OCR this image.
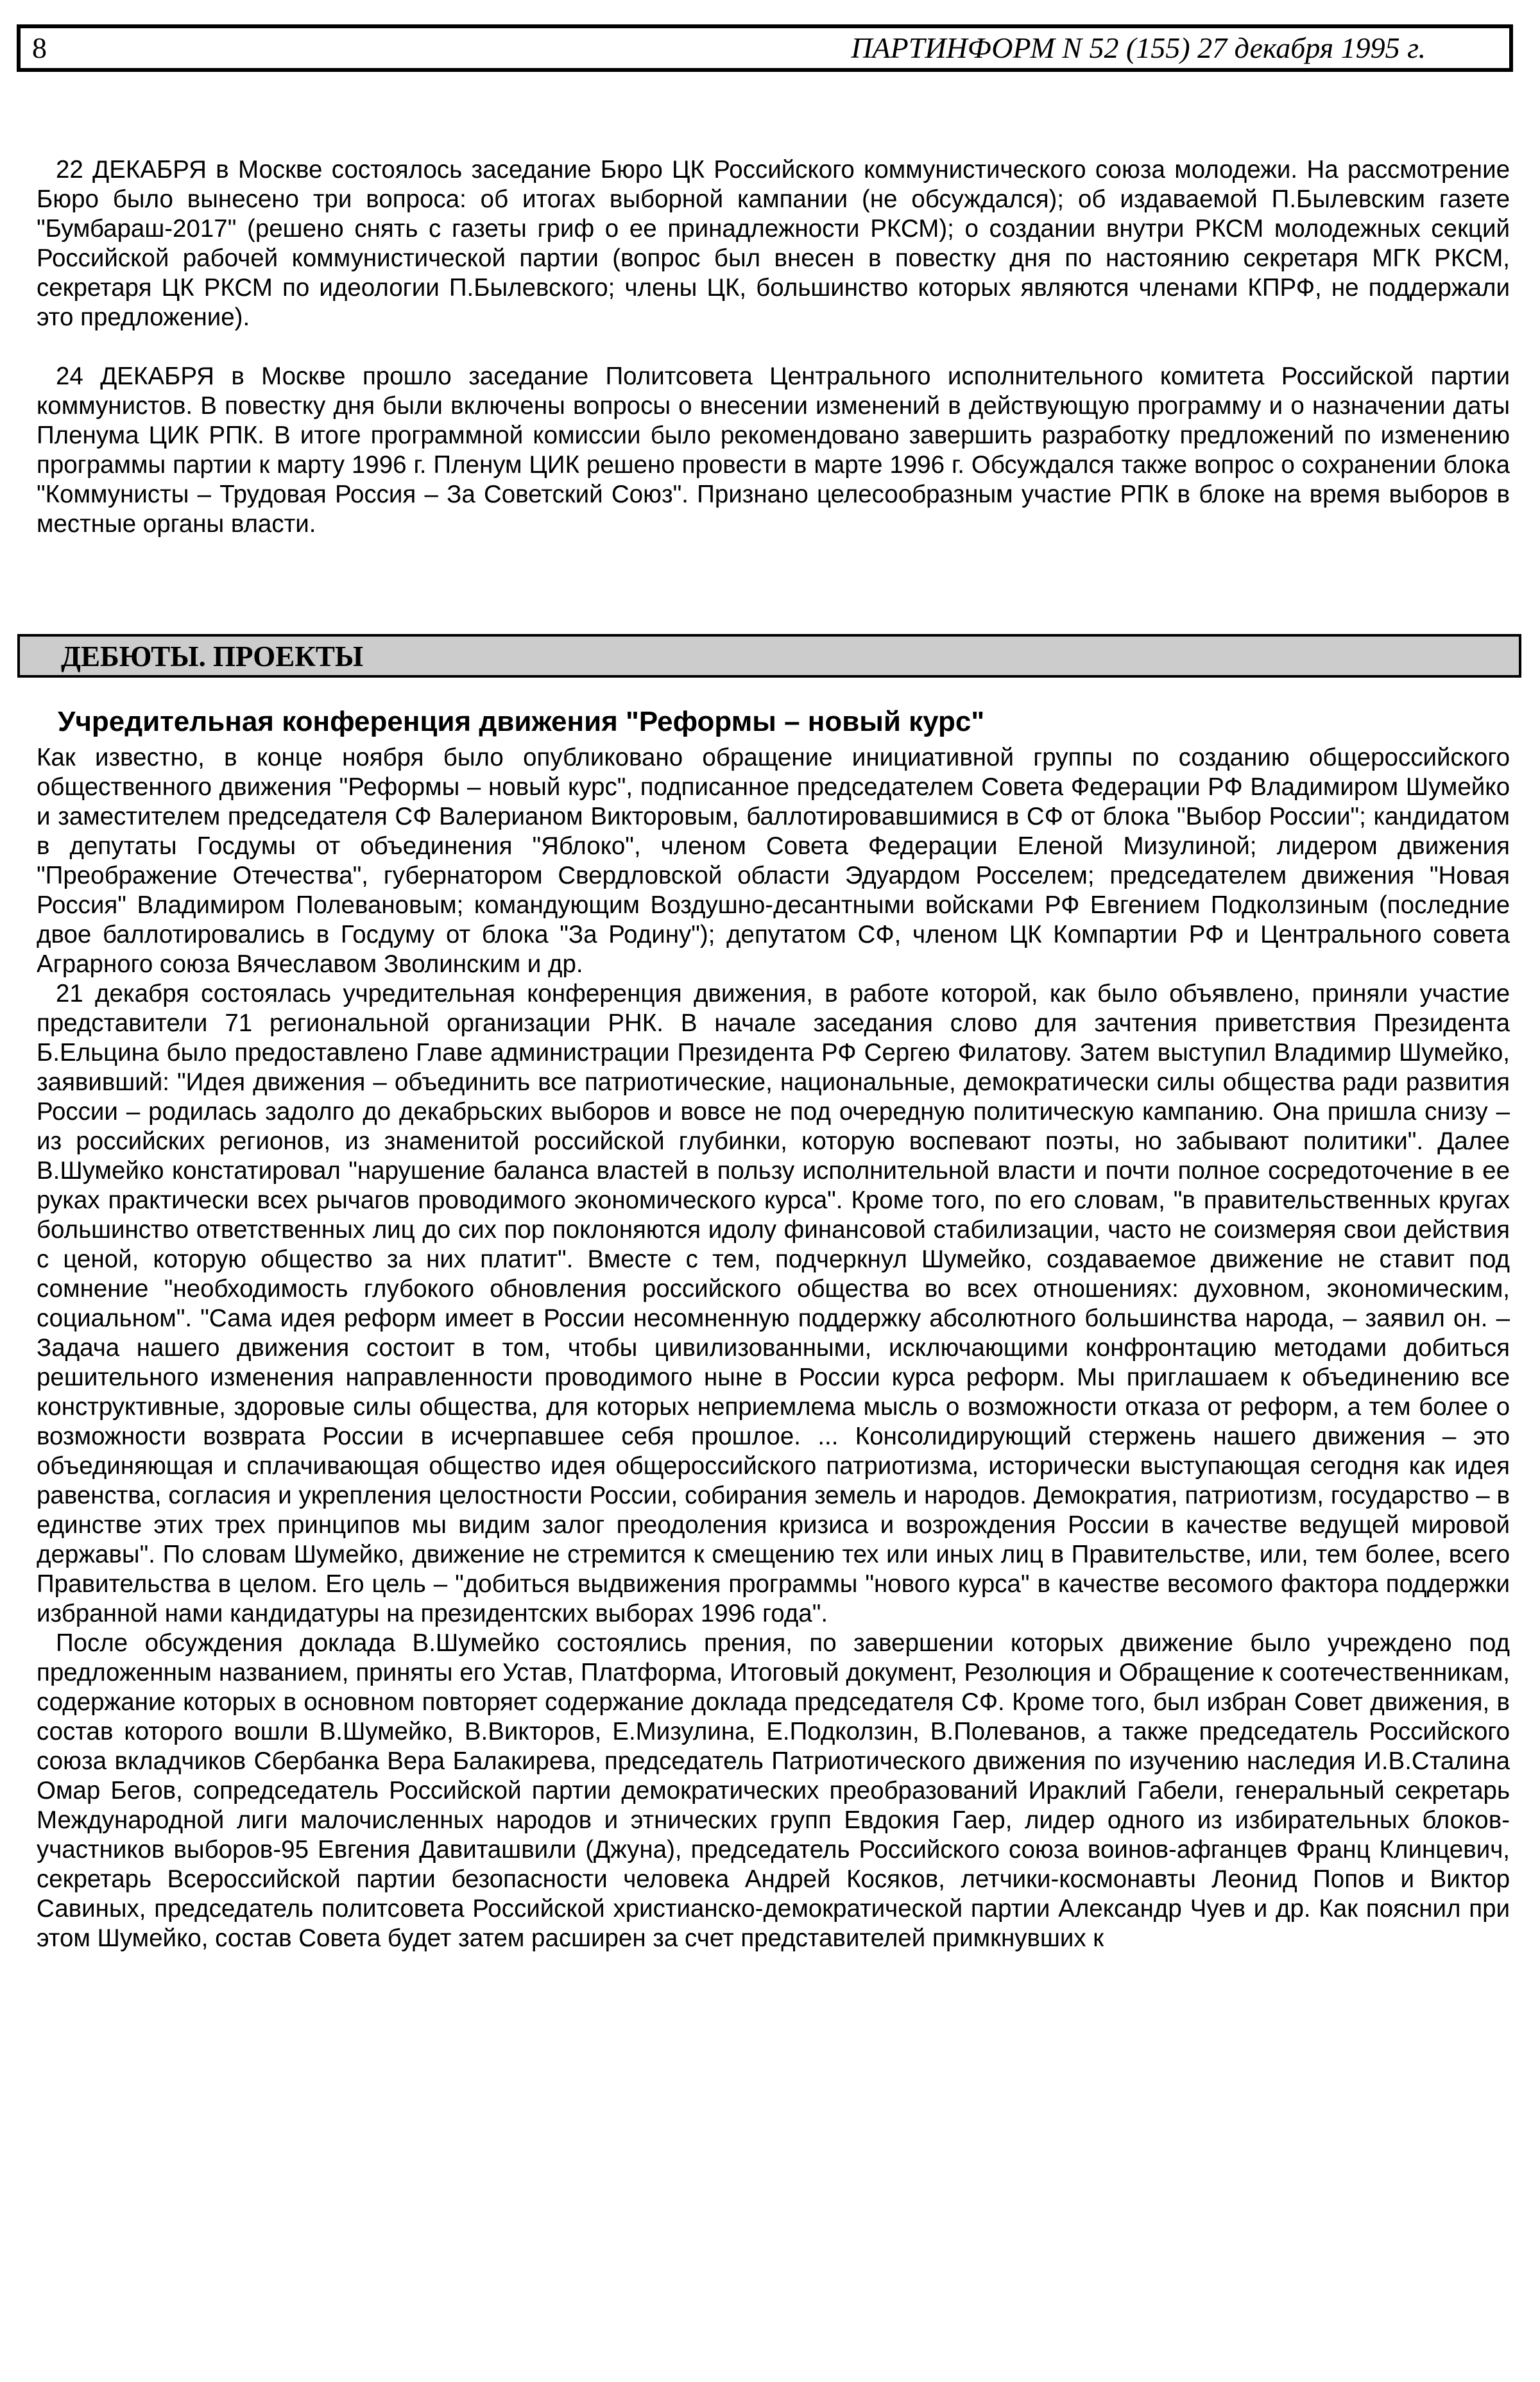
8	ПАРТИНФОРМ N 52 (155) 27 декабря 1995 г.

22 ДЕКАБРЯ в Москве состоялось заседание Бюро ЦК Российского коммунистического союза молодежи. На рассмотрение Бюро было вынесено три вопроса: об итогах выборной кампании (не обсуждался); об издаваемой П.Былевским газете "Бумбараш-2017" (решено снять с газеты гриф о ее принадлежности РКСМ); о создании внутри РКСМ молодежных секций Российской рабочей коммунистической партии (вопрос был внесен в повестку дня по настоянию секретаря МГК РКСМ, секретаря ЦК РКСМ по идеологии П.Былевского; члены ЦК, большинство которых являются членами КПРФ, не поддержали это предложение).

24 ДЕКАБРЯ в Москве прошло заседание Политсовета Центрального исполнительного комитета Российской партии коммунистов. В повестку дня были включены вопросы о внесении изменений в действующую программу и о назначении даты Пленума ЦИК РПК. В итоге программной комиссии было рекомендовано завершить разработку предложений по изменению программы партии к марту 1996 г. Пленум ЦИК решено провести в марте 1996 г. Обсуждался также вопрос о сохранении блока "Коммунисты – Трудовая Россия – За Советский Союз". Признано целесообразным участие РПК в блоке на время выборов в местные органы власти.

ДЕБЮТЫ. ПРОЕКТЫ
Учредительная конференция движения "Реформы – новый курс"

Как известно, в конце ноября было опубликовано обращение инициативной группы по созданию общероссийского общественного движения "Реформы – новый курс", подписанное председателем Совета Федерации РФ Владимиром Шумейко и заместителем председателя СФ Валерианом Викторовым, баллотировавшимися в СФ от блока "Выбор России"; кандидатом в депутаты Госдумы от объединения "Яблоко", членом Совета Федерации Еленой Мизулиной; лидером движения "Преображение Отечества", губернатором Свердловской области Эдуардом Росселем; председателем движения "Новая Россия" Владимиром Полевановым; командующим Воздушно-десантными войсками РФ Евгением Подколзиным (последние двое баллотировались в Госдуму от блока "За Родину"); депутатом СФ, членом ЦК Компартии РФ и Центрального совета Аграрного союза Вячеславом Зволинским и др.

21 декабря состоялась учредительная конференция движения, в работе которой, как было объявлено, приняли участие представители 71 региональной организации РНК. В начале заседания слово для зачтения приветствия Президента Б.Ельцина было предоставлено Главе администрации Президента РФ Сергею Филатову. Затем выступил Владимир Шумейко, заявивший: "Идея движения – объединить все патриотические, национальные, демократически силы общества ради развития России – родилась задолго до декабрьских выборов и вовсе не под очередную политическую кампанию. Она пришла снизу – из российских регионов, из знаменитой российской глубинки, которую воспевают поэты, но забывают политики". Далее В.Шумейко констатировал "нарушение баланса властей в пользу исполнительной власти и почти полное сосредоточение в ее руках практически всех рычагов проводимого экономического курса". Кроме того, по его словам, "в правительственных кругах большинство ответственных лиц до сих пор поклоняются идолу финансовой стабилизации, часто не соизмеряя свои действия с ценой, которую общество за них платит". Вместе с тем, подчеркнул Шумейко, создаваемое движение не ставит под сомнение "необходимость глубокого обновления российского общества во всех отношениях: духовном, экономическим, социальном". "Сама идея реформ имеет в России несомненную поддержку абсолютного большинства народа, – заявил он. – Задача нашего движения состоит в том, чтобы цивилизованными, исключающими конфронтацию методами добиться решительного изменения направленности проводимого ныне в России курса реформ. Мы приглашаем к объединению все конструктивные, здоровые силы общества, для которых неприемлема мысль о возможности отказа от реформ, а тем более о возможности возврата России в исчерпавшее себя прошлое. ... Консолидирующий стержень нашего движения – это объединяющая и сплачивающая общество идея общероссийского патриотизма, исторически выступающая сегодня как идея равенства, согласия и укрепления целостности России, собирания земель и народов. Демократия, патриотизм, государство – в единстве этих трех принципов мы видим залог преодоления кризиса и возрождения России в качестве ведущей мировой державы". По словам Шумейко, движение не стремится к смещению тех или иных лиц в Правительстве, или, тем более, всего Правительства в целом. Его цель – "добиться выдвижения программы "нового курса" в качестве весомого фактора поддержки избранной нами кандидатуры на президентских выборах 1996 года".

После обсуждения доклада В.Шумейко состоялись прения, по завершении которых движение было учреждено под предложенным названием, приняты его Устав, Платформа, Итоговый документ, Резолюция и Обращение к соотечественникам, содержание которых в основном повторяет содержание доклада председателя СФ. Кроме того, был избран Совет движения, в состав которого вошли В.Шумейко, В.Викторов, Е.Мизулина, Е.Подколзин, В.Полеванов, а также председатель Российского союза вкладчиков Сбербанка Вера Балакирева, председатель Патриотического движения по изучению наследия И.В.Сталина Омар Бегов, сопредседатель Российской партии демократических преобразований Ираклий Габели, генеральный секретарь Международной лиги малочисленных народов и этнических групп Евдокия Гаер, лидер одного из избирательных блоков-участников выборов-95 Евгения Давиташвили (Джуна), председатель Российского союза воинов-афганцев Франц Клинцевич, секретарь Всероссийской партии безопасности человека Андрей Косяков, летчики-космонавты Леонид Попов и Виктор Савиных, председатель политсовета Российской христианско-демократической партии Александр Чуев и др. Как пояснил при этом Шумейко, состав Совета будет затем расширен за счет представителей примкнувших к
